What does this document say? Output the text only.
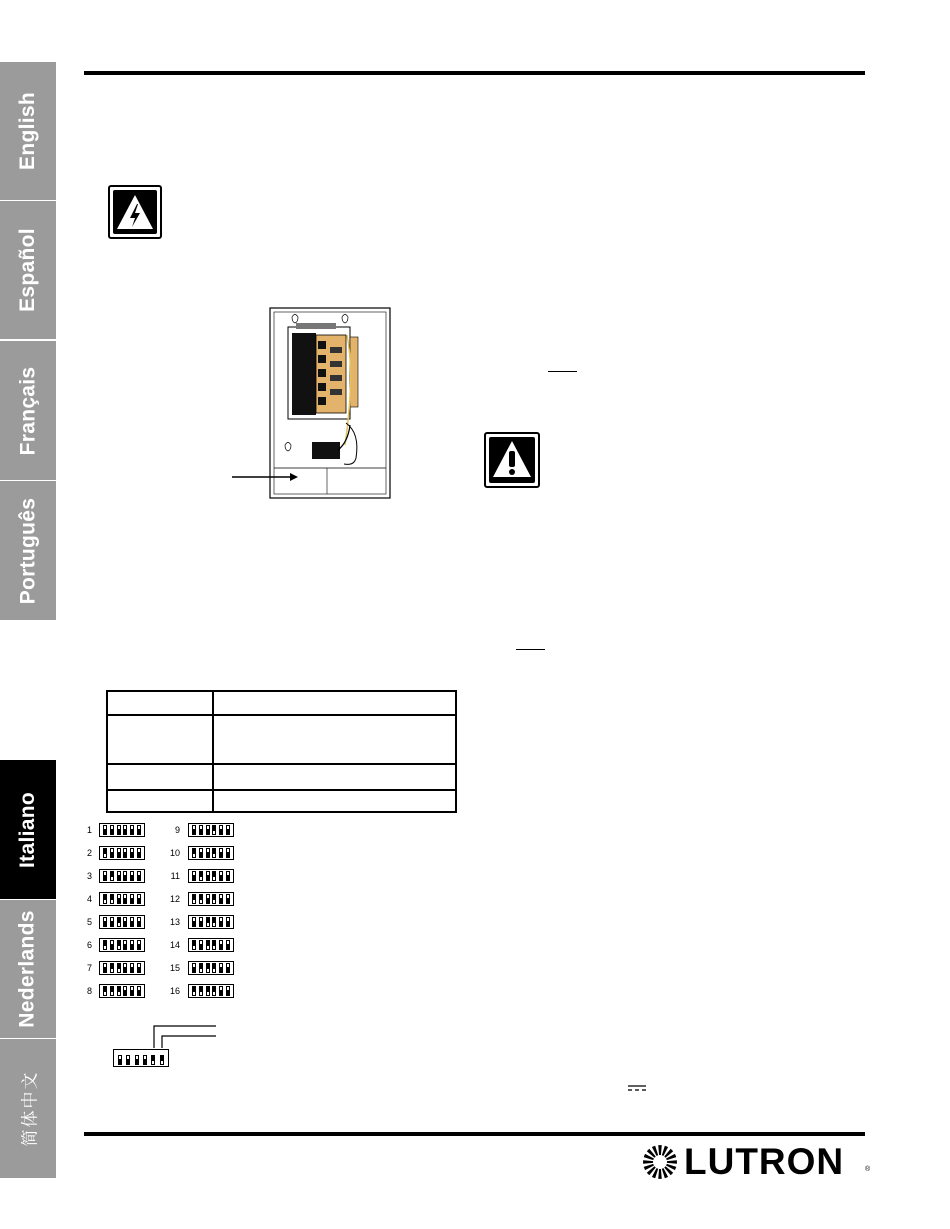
English
Español
Français
Português
Italiano
Nederlands
简体中文

1
2
3
4
5
6
7
8
9
10
11
12
13
14
15
16
LUTRON	®
